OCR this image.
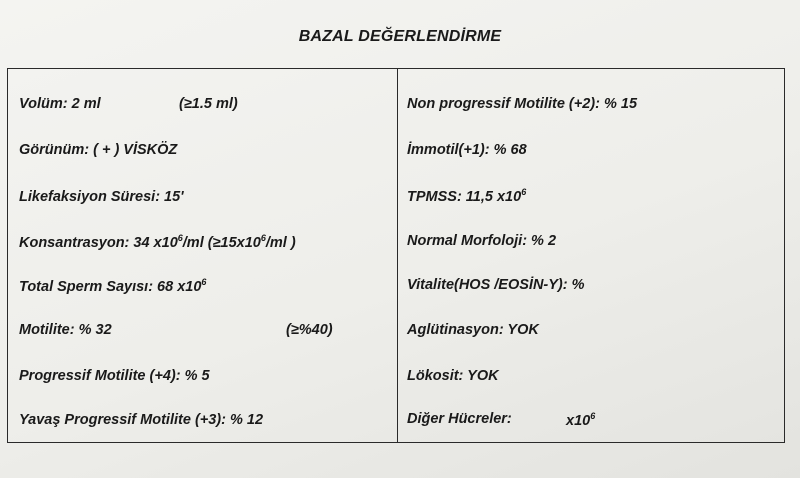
BAZAL DEĞERLENDİRME
Volüm: 2 ml	(≥1.5 ml)
Görünüm: ( + ) VİSKÖZ
Likefaksiyon Süresi: 15'
Konsantrasyon: 34 $x10^6/ml$ ($\ge 15x10^6/ml$ )
Total Sperm Sayısı: 68 $x10^6$
Motilite: % 32	(≥%40)
Progressif Motilite (+4): % 5
Yavaş Progressif Motilite (+3): % 12
Non progressif Motilite (+2): % 15
İmmotil(+1): % 68
TPMSS: 11,5 $x10^6$
Normal Morfoloji: % 2
Vitalite(HOS /EOSİN-Y): %
Aglütinasyon: YOK
Lökosit: YOK
Diğer Hücreler:	$x10^6$
